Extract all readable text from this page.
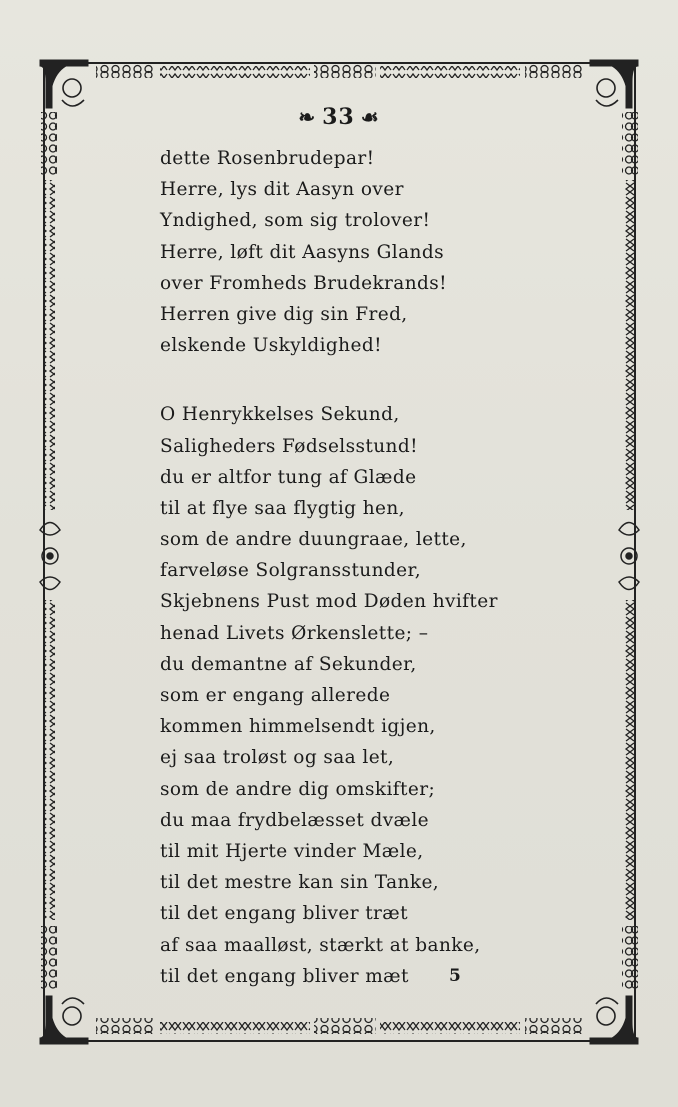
❧ 33 ☙
dette Rosenbrudepar!
Herre, lys dit Aasyn over
Yndighed, som sig trolover!
Herre, løft dit Aasyns Glands
over Fromheds Brudekrands!
Herren give dig sin Fred,
elskende Uskyldighed!
O Henrykkelses Sekund,
Saligheders Fødselsstund!
du er altfor tung af Glæde
til at flye saa flygtig hen,
som de andre duungraae, lette,
farveløse Solgransstunder,
Skjebnens Pust mod Døden hvifter
henad Livets Ørkenslette; –
du demantne af Sekunder,
som er engang allerede
kommen himmelsendt igjen,
ej saa troløst og saa let,
som de andre dig omskifter;
du maa frydbelæsset dvæle
til mit Hjerte vinder Mæle,
til det mestre kan sin Tanke,
til det engang bliver træt
af saa maalløst, stærkt at banke,
til det engang bliver mæt	5
